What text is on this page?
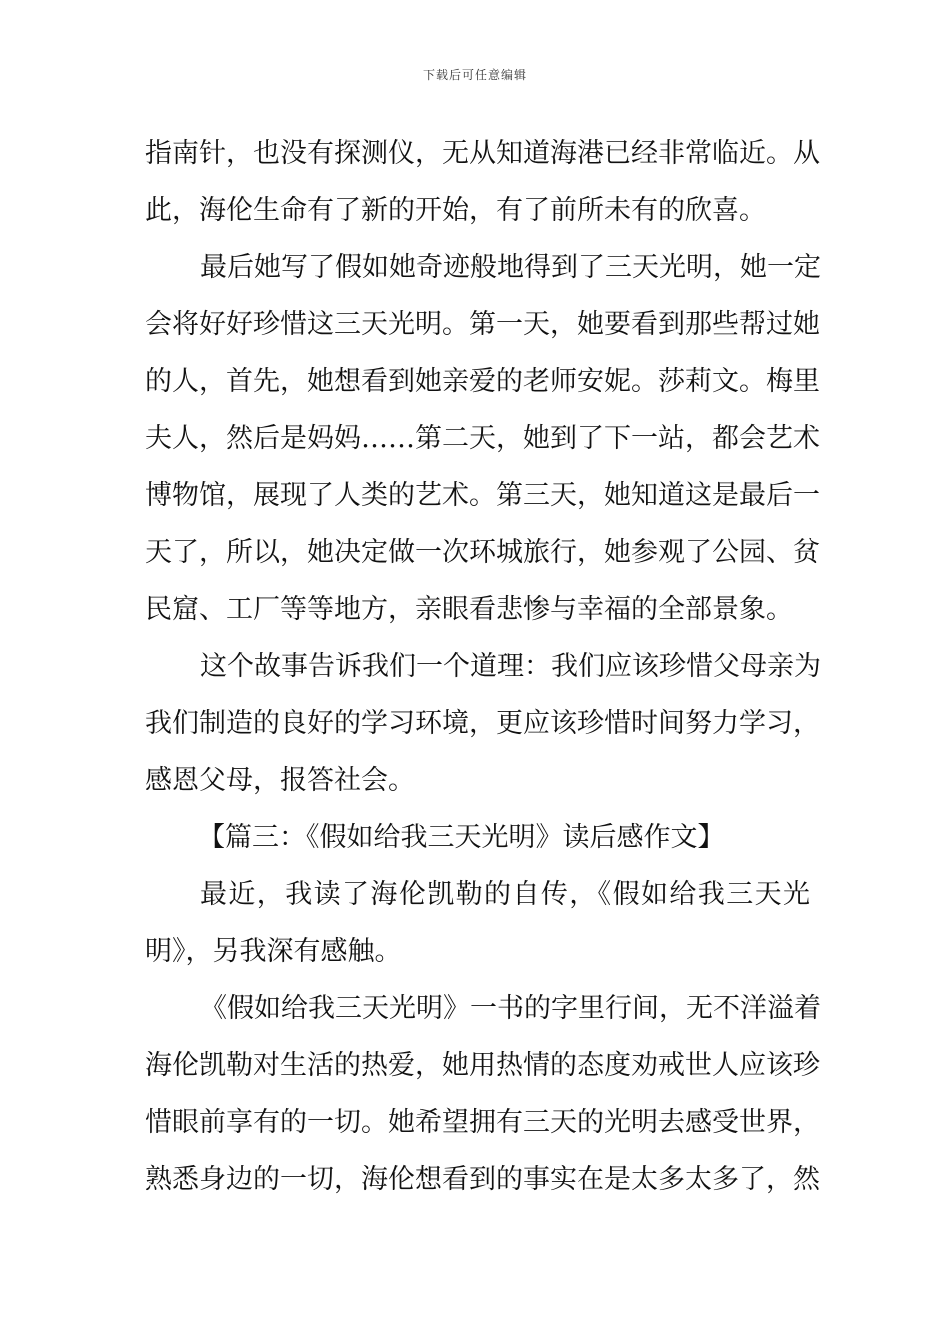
下载后可任意编辑
指南针，也没有探测仪，无从知道海港已经非常临近。从
此，海伦生命有了新的开始，有了前所未有的欣喜。
最后她写了假如她奇迹般地得到了三天光明，她一定
会将好好珍惜这三天光明。第一天，她要看到那些帮过她
的人，首先，她想看到她亲爱的老师安妮。莎莉文。梅里
夫人，然后是妈妈……第二天，她到了下一站，都会艺术
博物馆，展现了人类的艺术。第三天，她知道这是最后一
天了，所以，她决定做一次环城旅行，她参观了公园、贫
民窟、工厂等等地方，亲眼看悲惨与幸福的全部景象。
这个故事告诉我们一个道理：我们应该珍惜父母亲为
我们制造的良好的学习环境，更应该珍惜时间努力学习，
感恩父母，报答社会。
【篇三：《假如给我三天光明》读后感作文】
最近，我读了海伦凯勒的自传，《假如给我三天光
明》，另我深有感触。
《假如给我三天光明》一书的字里行间，无不洋溢着
海伦凯勒对生活的热爱，她用热情的态度劝戒世人应该珍
惜眼前享有的一切。她希望拥有三天的光明去感受世界，
熟悉身边的一切，海伦想看到的事实在是太多太多了，然
